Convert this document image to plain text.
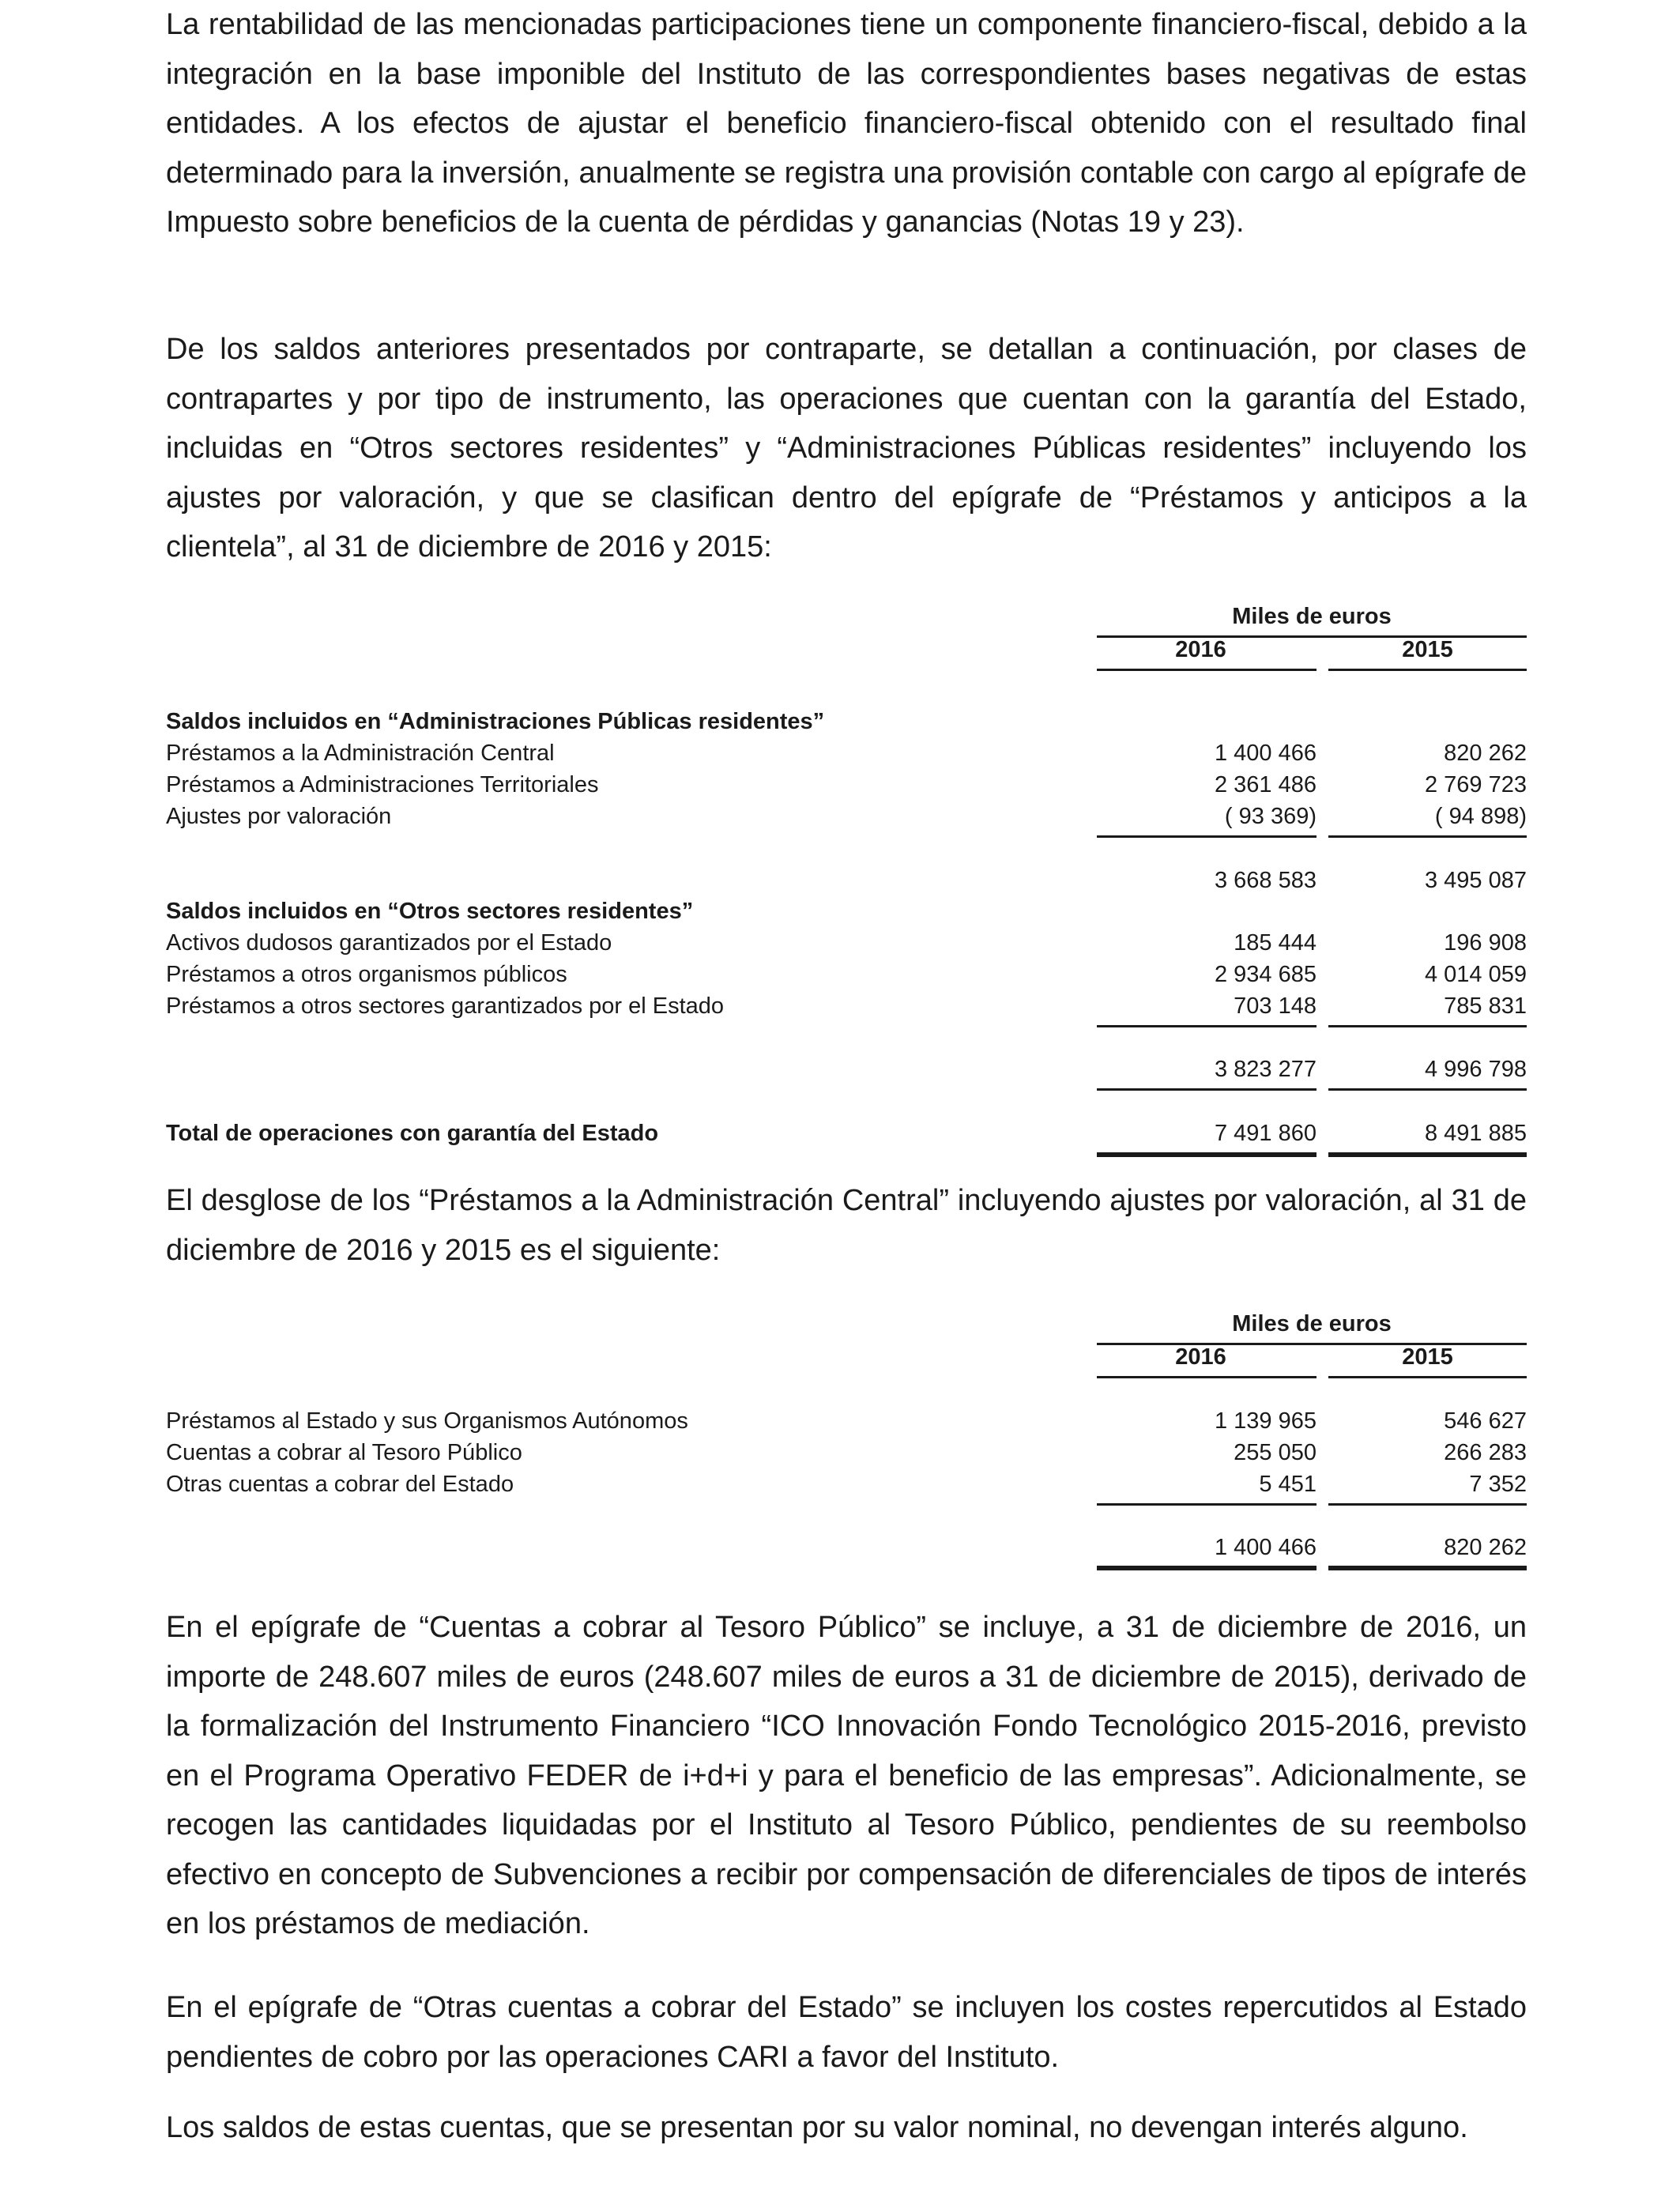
La rentabilidad de las mencionadas participaciones tiene un componente financiero-fiscal, debido a la integración en la base imponible del Instituto de las correspondientes bases negativas de estas entidades. A los efectos de ajustar el beneficio financiero-fiscal obtenido con el resultado final determinado para la inversión, anualmente se registra una provisión contable con cargo al epígrafe de Impuesto sobre beneficios de la cuenta de pérdidas y ganancias (Notas 19 y 23).

De los saldos anteriores presentados por contraparte, se detallan a continuación, por clases de contrapartes y por tipo de instrumento, las operaciones que cuentan con la garantía del Estado, incluidas en “Otros sectores residentes” y “Administraciones Públicas residentes” incluyendo los ajustes por valoración, y que se clasifican dentro del epígrafe de “Préstamos y anticipos a la clientela”, al 31 de diciembre de 2016 y 2015:

Miles de euros
2016	2015
Saldos incluidos en “Administraciones Públicas residentes”
Préstamos a la Administración Central	1 400 466	820 262
Préstamos a Administraciones Territoriales	2 361 486	2 769 723
Ajustes por valoración	( 93 369)	( 94 898)
3 668 583	3 495 087
Saldos incluidos en “Otros sectores residentes”
Activos dudosos garantizados por el Estado	185 444	196 908
Préstamos a otros organismos públicos	2 934 685	4 014 059
Préstamos a otros sectores garantizados por el Estado	703 148	785 831
3 823 277	4 996 798
Total de operaciones con garantía del Estado	7 491 860	8 491 885

El desglose de los “Préstamos a la Administración Central” incluyendo ajustes por valoración, al 31 de diciembre de 2016 y 2015 es el siguiente:

Miles de euros
2016	2015
Préstamos al Estado y sus Organismos Autónomos	1 139 965	546 627
Cuentas a cobrar al Tesoro Público	255 050	266 283
Otras cuentas a cobrar del Estado	5 451	7 352
1 400 466	820 262

En el epígrafe de “Cuentas a cobrar al Tesoro Público” se incluye, a 31 de diciembre de 2016, un importe de 248.607 miles de euros (248.607 miles de euros a 31 de diciembre de 2015), derivado de la formalización del Instrumento Financiero “ICO Innovación Fondo Tecnológico 2015-2016, previsto en el Programa Operativo FEDER de i+d+i y para el beneficio de las empresas”. Adicionalmente, se recogen las cantidades liquidadas por el Instituto al Tesoro Público, pendientes de su reembolso efectivo en concepto de Subvenciones a recibir por compensación de diferenciales de tipos de interés en los préstamos de mediación.

En el epígrafe de “Otras cuentas a cobrar del Estado” se incluyen los costes repercutidos al Estado pendientes de cobro por las operaciones CARI a favor del Instituto.

Los saldos de estas cuentas, que se presentan por su valor nominal, no devengan interés alguno.
